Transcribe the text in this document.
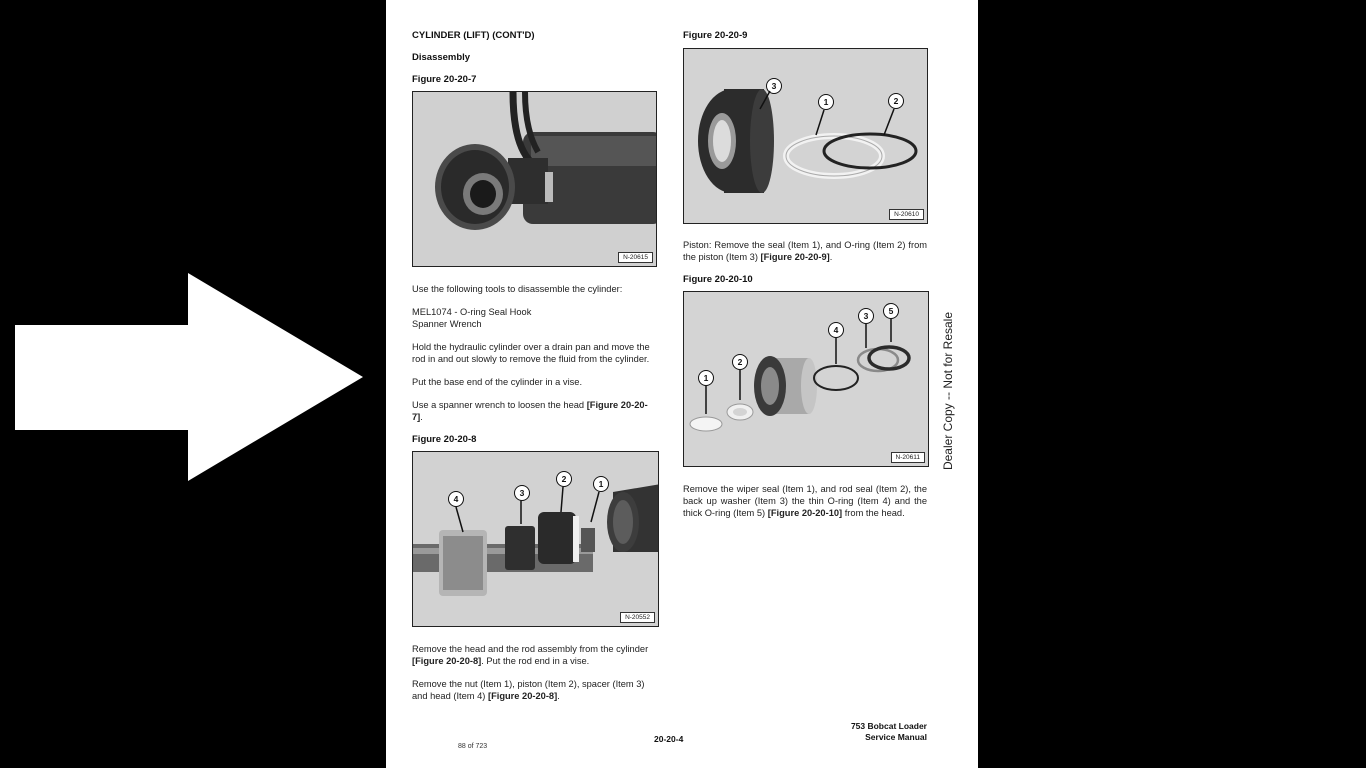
CYLINDER (LIFT) (CONT'D)

Disassembly

Figure 20-20-7

N-20615

Use the following tools to disassemble the cylinder:

MEL1074 - O-ring Seal Hook

Spanner Wrench

Hold the hydraulic cylinder over a drain pan and move the rod in and out slowly to remove the fluid from the cylinder.

Put the base end of the cylinder in a vise.

Use a spanner wrench to loosen the head [Figure 20-20-7].

Figure 20-20-8

4
3
2	1
N-20552

Remove the head and the rod assembly from the cylinder [Figure 20-20-8]. Put the rod end in a vise.

Remove the nut (Item 1), piston (Item 2), spacer (Item 3) and head (Item 4) [Figure 20-20-8].

Figure 20-20-9

3
1	2
N-20610

Piston: Remove the seal (Item 1), and O-ring (Item 2) from the piston (Item 3) [Figure 20-20-9].

Figure 20-20-10

1
2
4
3	5
N-20611

Remove the wiper seal (Item 1), and rod seal (Item 2), the back up washer (Item 3) the thin O-ring (Item 4) and the thick O-ring (Item 5) [Figure 20-20-10] from the head.

88 of 723
20-20-4
753 Bobcat Loader
Service Manual
Dealer Copy -- Not for Resale
